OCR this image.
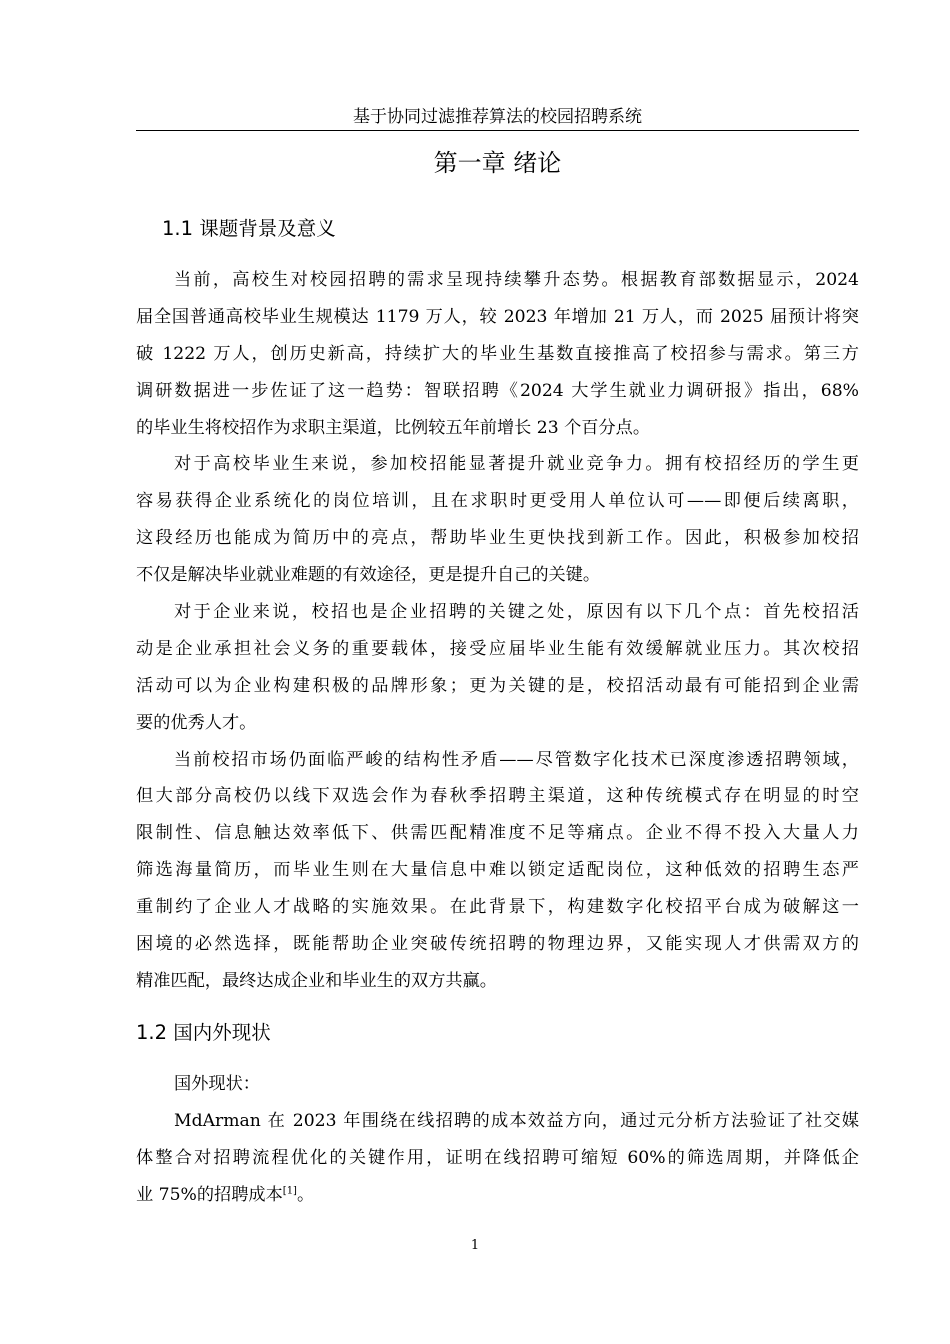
基于协同过滤推荐算法的校园招聘系统
第一章 绪论
1.1 课题背景及意义
当前，高校生对校园招聘的需求呈现持续攀升态势。根据教育部数据显示，2024
届全国普通高校毕业生规模达 1179 万人，较 2023 年增加 21 万人，而 2025 届预计将突
破 1222 万人，创历史新高，持续扩大的毕业生基数直接推高了校招参与需求。第三方
调研数据进一步佐证了这一趋势：智联招聘《2024 大学生就业力调研报》指出，68%
的毕业生将校招作为求职主渠道，比例较五年前增长 23 个百分点。
对于高校毕业生来说，参加校招能显著提升就业竞争力。拥有校招经历的学生更
容易获得企业系统化的岗位培训，且在求职时更受用人单位认可——即便后续离职，
这段经历也能成为简历中的亮点，帮助毕业生更快找到新工作。因此，积极参加校招
不仅是解决毕业就业难题的有效途径，更是提升自己的关键。
对于企业来说，校招也是企业招聘的关键之处，原因有以下几个点：首先校招活
动是企业承担社会义务的重要载体，接受应届毕业生能有效缓解就业压力。其次校招
活动可以为企业构建积极的品牌形象；更为关键的是，校招活动最有可能招到企业需
要的优秀人才。
当前校招市场仍面临严峻的结构性矛盾——尽管数字化技术已深度渗透招聘领域，
但大部分高校仍以线下双选会作为春秋季招聘主渠道，这种传统模式存在明显的时空
限制性、信息触达效率低下、供需匹配精准度不足等痛点。企业不得不投入大量人力
筛选海量简历，而毕业生则在大量信息中难以锁定适配岗位，这种低效的招聘生态严
重制约了企业人才战略的实施效果。在此背景下，构建数字化校招平台成为破解这一
困境的必然选择，既能帮助企业突破传统招聘的物理边界，又能实现人才供需双方的
精准匹配，最终达成企业和毕业生的双方共赢。
1.2 国内外现状
国外现状：
MdArman 在 2023 年围绕在线招聘的成本效益方向，通过元分析方法验证了社交媒
体整合对招聘流程优化的关键作用，证明在线招聘可缩短 60%的筛选周期，并降低企
业 75%的招聘成本[1]。
1
